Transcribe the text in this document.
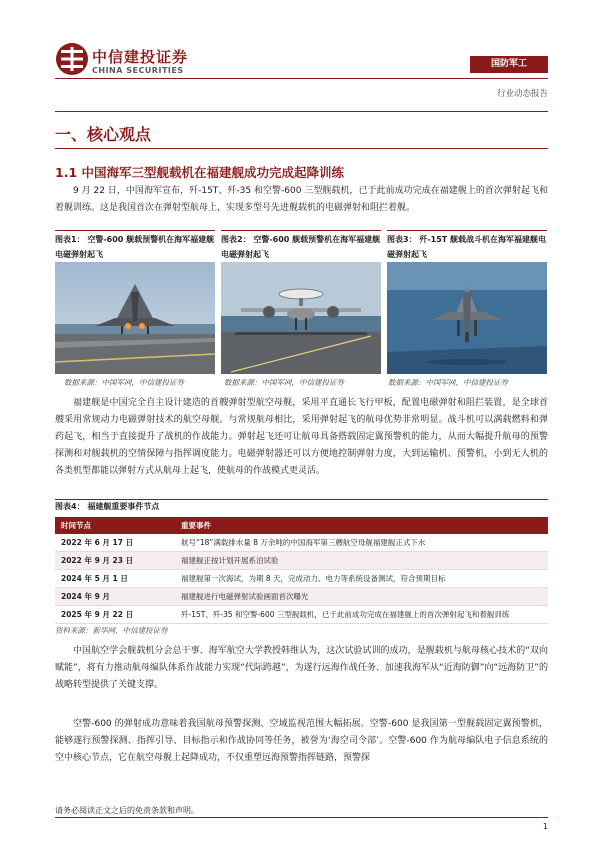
中信建投证券
CHINA SECURITIES
国防军工
行业动态报告
一、核心观点
1.1 中国海军三型舰载机在福建舰成功完成起降训练
9 月 22 日，中国海军宣布，歼-15T、歼-35 和空警-600 三型舰载机，已于此前成功完成在福建舰上的首次弹射起飞和着舰训练。这是我国首次在弹射型航母上，实现多型号先进舰载机的电磁弹射和阻拦着舰。
图表1： 空警-600 舰载预警机在海军福建舰电磁弹射起飞
图表2： 空警-600 舰载预警机在海军福建舰电磁弹射起飞
图表3： 歼-15T 舰载战斗机在海军福建舰电磁弹射起飞
数据来源：中国军网，中信建投证券	数据来源：中国军网，中信建投证券	数据来源：中国军网，中信建投证券
福建舰是中国完全自主设计建造的首艘弹射型航空母舰，采用平直通长飞行甲板，配置电磁弹射和阻拦装置，是全球首艘采用常规动力电磁弹射技术的航空母舰。与常规航母相比，采用弹射起飞的航母优势非常明显。战斗机可以满载燃料和弹药起飞，相当于直接提升了战机的作战能力。弹射起飞还可让航母具备搭载固定翼预警机的能力，从而大幅提升航母的预警探测和对舰载机的空情保障与指挥调度能力。电磁弹射器还可以方便地控制弹射力度，大到运输机、预警机，小到无人机的各类机型都能以弹射方式从航母上起飞，使航母的作战模式更灵活。
图表4： 福建舰重要事件节点
时间节点	重要事件
2022 年 6 月 17 日	航号“18”满载排水量 8 万余吨的中国海军第三艘航空母舰福建舰正式下水
2022 年 9 月 23 日	福建舰正按计划开展系泊试验
2024 年 5 月 1 日	福建舰第一次海试，为期 8 天，完成动力、电力等系统设备测试，符合预期目标
2024 年 9 月	福建舰进行电磁弹射试验画面首次曝光
2025 年 9 月 22 日	歼-15T、歼-35 和空警-600 三型舰载机，已于此前成功完成在福建舰上的首次弹射起飞和着舰训练
资料来源：新华网，中信建投证券
中国航空学会舰载机分会总干事、海军航空大学教授韩维认为，这次试验试训的成功，是舰载机与航母核心技术的“双向赋能”，将有力推动航母编队体系作战能力实现“代际跨越”，为遂行远海作战任务、加速我海军从“近海防御”向“远海防卫”的战略转型提供了关键支撑。
空警-600 的弹射成功意味着我国航母预警探测、空域监视范围大幅拓展。空警-600 是我国第一型舰载固定翼预警机，能够遂行预警探测、指挥引导、目标指示和作战协同等任务，被誉为‘海空司令部’。空警-600 作为航母编队电子信息系统的空中核心节点，它在航空母舰上起降成功，不仅重塑远海预警指挥链路，预警探
请务必阅读正文之后的免责条款和声明。
1
